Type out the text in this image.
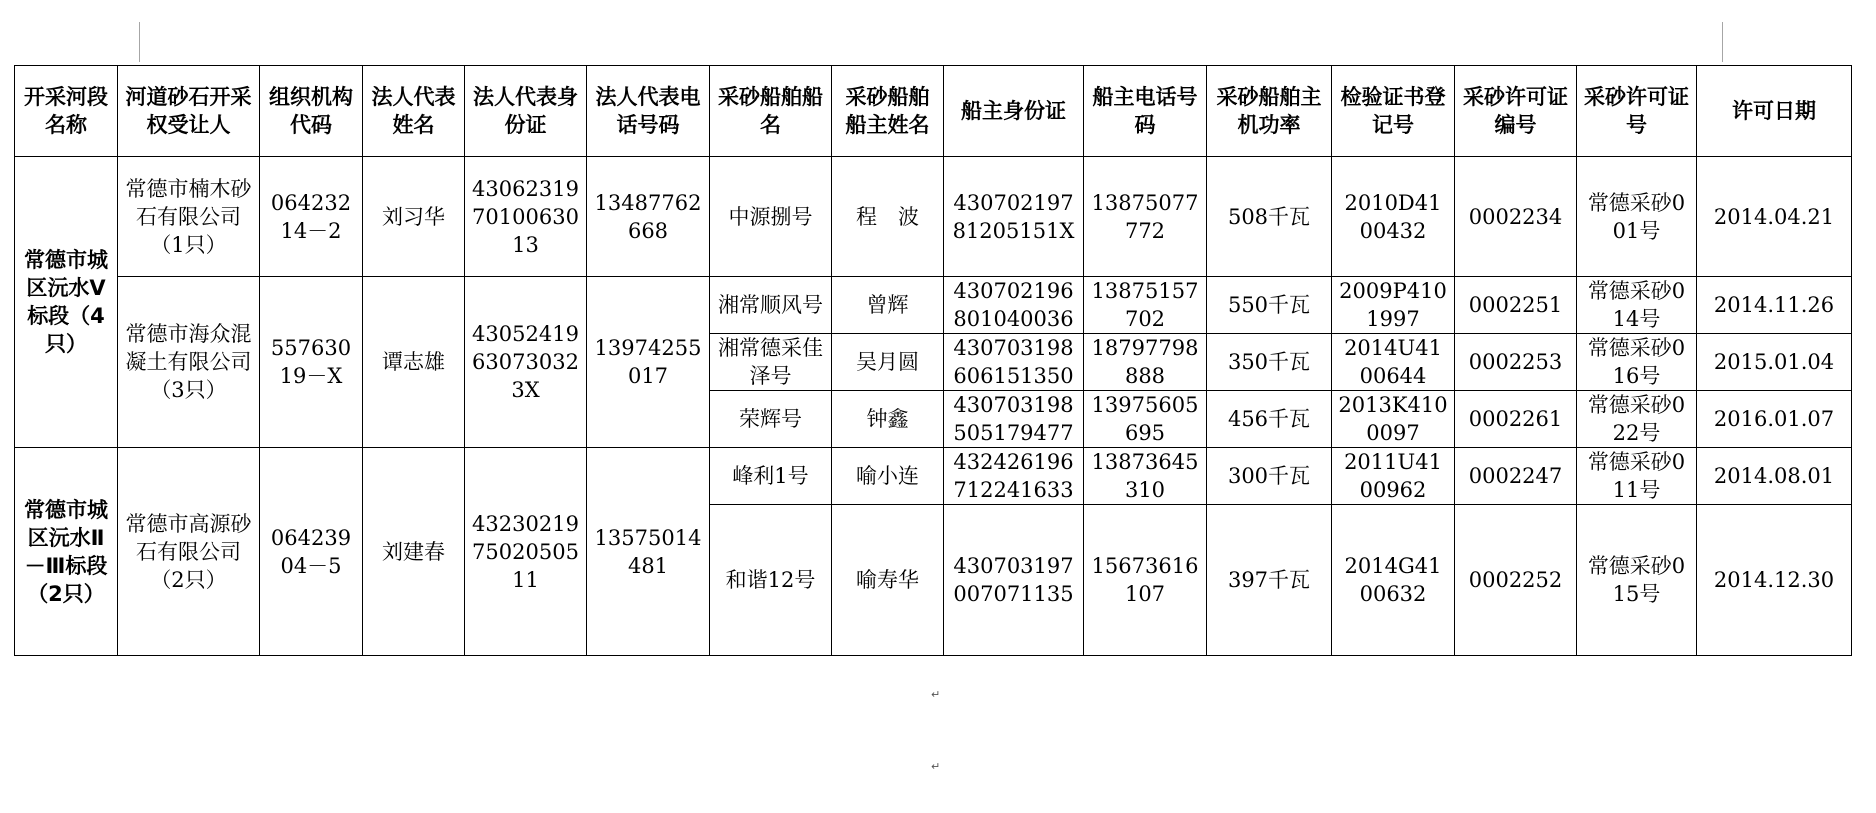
开采河段名称	河道砂石开采权受让人	组织机构代码	法人代表姓名	法人代表身份证	法人代表电话号码	采砂船舶船名	采砂船舶船主姓名	船主身份证	船主电话号码	采砂船舶主机功率	检验证书登记号	采砂许可证编号	采砂许可证号	许可日期
常德市城区沅水Ⅴ标段（4只）	常德市楠木砂石有限公司（1只）	06423214－2	刘习华	430623197010063013	13487762668	中源捌号	程　波	43070219781205151X	13875077772	508千瓦	2010D4100432	0002234	常德采砂001号	2014.04.21
	常德市海众混凝土有限公司（3只）	55763019－X	谭志雄	43052419630730323X	13974255017	湘常顺风号	曾辉	430702196801040036	13875157702	550千瓦	2009P4101997	0002251	常德采砂014号	2014.11.26
						湘常德采佳泽号	吴月圆	430703198606151350	18797798888	350千瓦	2014U4100644	0002253	常德采砂016号	2015.01.04
						荣辉号	钟鑫	430703198505179477	13975605695	456千瓦	2013K4100097	0002261	常德采砂022号	2016.01.07
常德市城区沅水Ⅱ－Ⅲ标段（2只）	常德市高源砂石有限公司（2只）	06423904－5	刘建春	432302197502050511	13575014481	峰利1号	喻小连	432426196712241633	13873645310	300千瓦	2011U4100962	0002247	常德采砂011号	2014.08.01
						和谐12号	喻寿华	430703197007071135	15673616107	397千瓦	2014G4100632	0002252	常德采砂015号	2014.12.30
↵
↵
